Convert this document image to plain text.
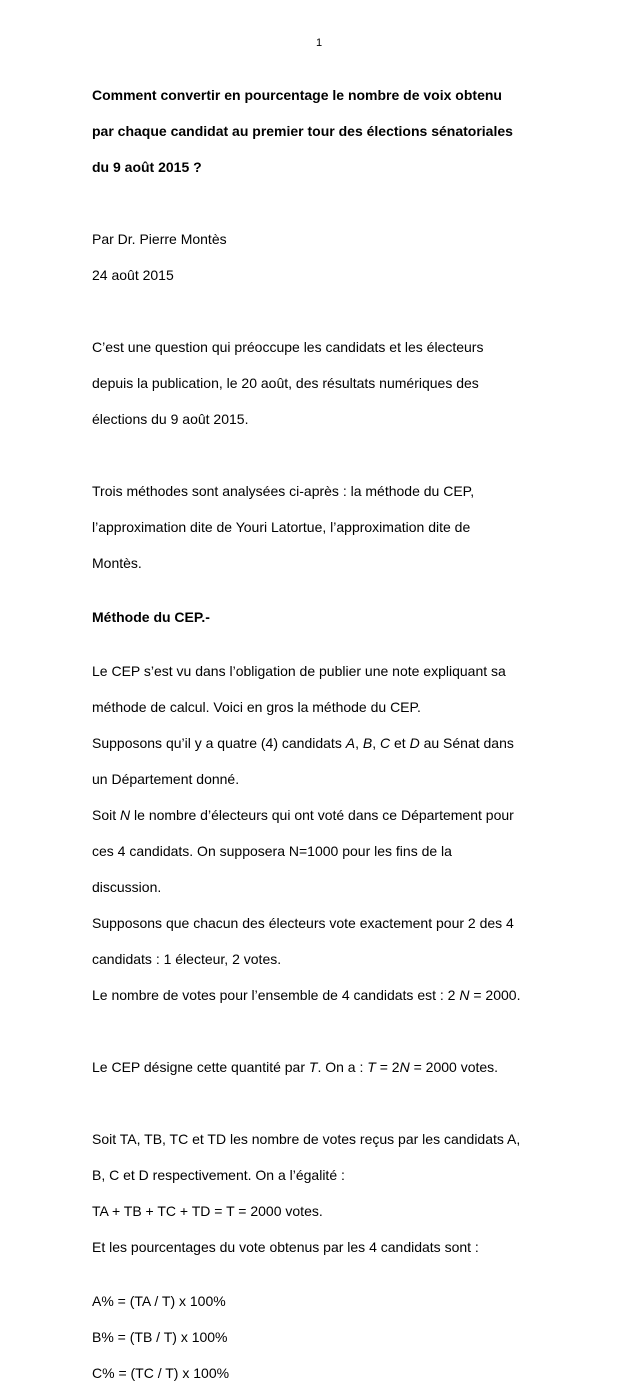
1

Comment convertir en pourcentage le nombre de voix obtenu

par chaque candidat au premier tour des élections sénatoriales

du 9 août 2015 ?

Par Dr. Pierre Montès

24 août 2015

C’est une question qui préoccupe les candidats et les électeurs

depuis la publication, le 20 août, des résultats numériques des

élections du 9 août 2015.

Trois méthodes sont analysées ci-après : la méthode du CEP,

l’approximation dite de Youri Latortue, l’approximation dite de

Montès.

Méthode du CEP.-

Le CEP s’est vu dans l’obligation de publier une note expliquant sa

méthode de calcul. Voici en gros la méthode du CEP.

Supposons qu’il y a quatre (4) candidats A, B, C et D au Sénat dans

un Département donné.

Soit N le nombre d’électeurs qui ont voté dans ce Département pour

ces 4 candidats. On supposera N=1000 pour les fins de la

discussion.

Supposons que chacun des électeurs vote exactement pour 2 des 4

candidats : 1 électeur, 2 votes.

Le nombre de votes pour l’ensemble de 4 candidats est : 2 N = 2000.

Le CEP désigne cette quantité par T. On a : T = 2N = 2000 votes.

Soit TA, TB, TC et TD les nombre de votes reçus par les candidats A,

B, C et D respectivement. On a l’égalité :

TA + TB + TC + TD = T = 2000 votes.

Et les pourcentages du vote obtenus par les 4 candidats sont :

A% = (TA / T) x 100%
B% = (TB / T) x 100%
C% = (TC / T) x 100%
